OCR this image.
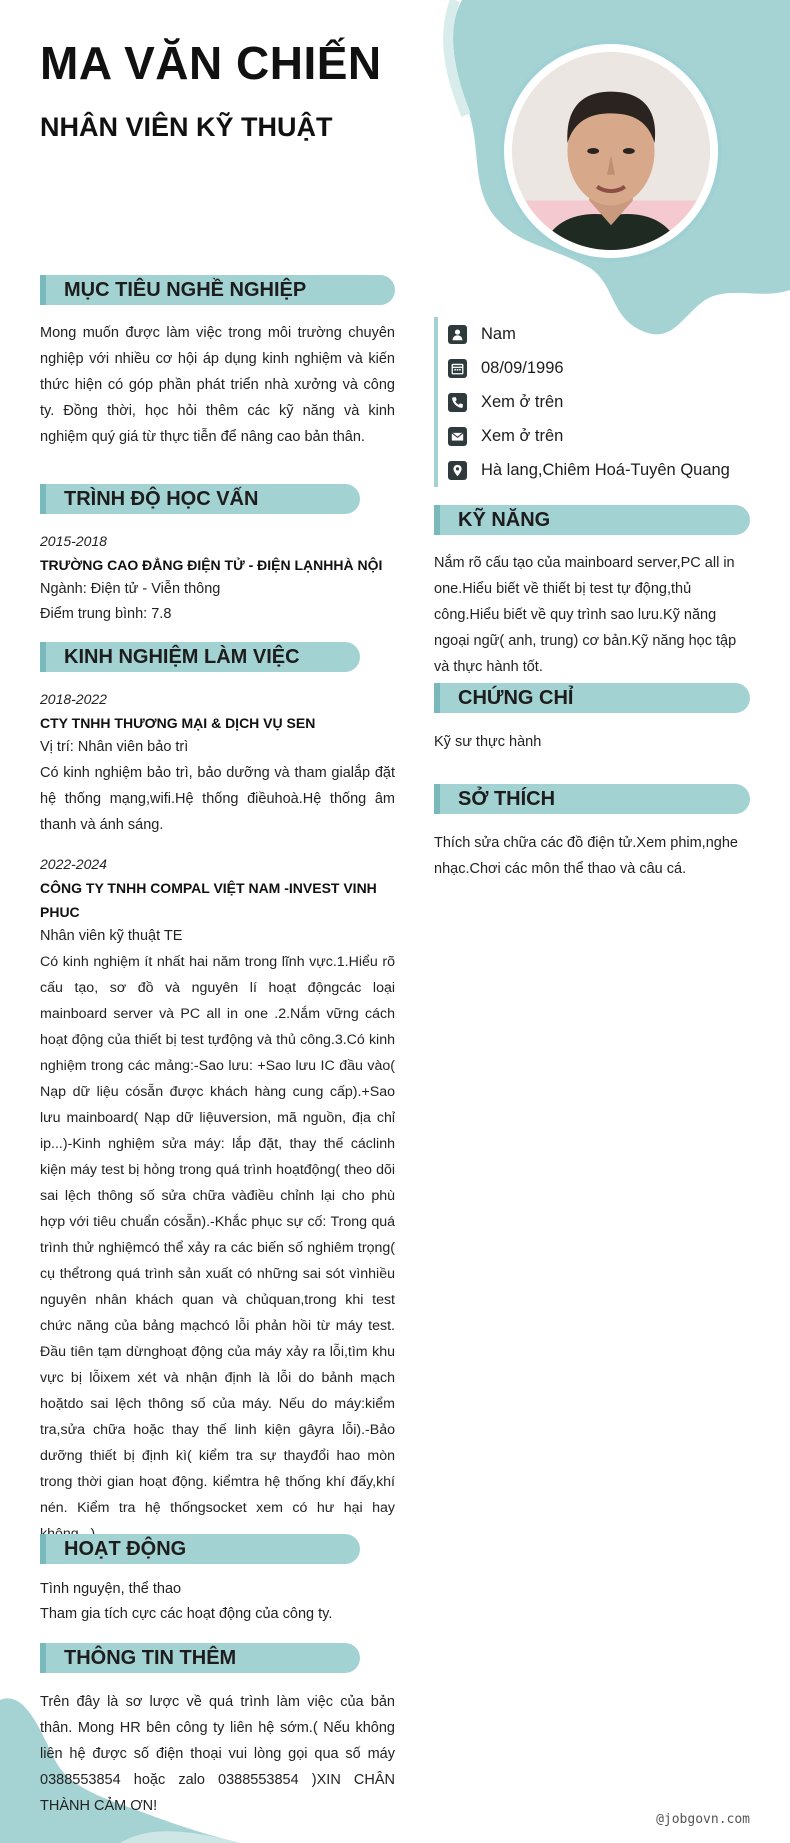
MA VĂN CHIẾN
NHÂN VIÊN KỸ THUẬT
MỤC TIÊU NGHỀ NGHIỆP
Mong muốn được làm việc trong môi trường chuyên nghiệp với nhiều cơ hội áp dụng kinh nghiệm và kiến thức hiện có góp phần phát triển nhà xưởng và công ty. Đồng thời, học hỏi thêm các kỹ năng và kinh nghiệm quý giá từ thực tiễn để nâng cao bản thân.
TRÌNH ĐỘ HỌC VẤN
2015-2018
TRƯỜNG CAO ĐẲNG ĐIỆN TỬ - ĐIỆN LẠNHHÀ NỘI
Ngành: Điện tử - Viễn thông
Điểm trung bình: 7.8
KINH NGHIỆM LÀM VIỆC
2018-2022
CTY TNHH THƯƠNG MẠI & DỊCH VỤ SEN
Vị trí: Nhân viên bảo trì
Có kinh nghiệm bảo trì, bảo dưỡng và tham gialắp đặt hệ thống mạng,wifi.Hệ thống điềuhoà.Hệ thống âm thanh và ánh sáng.
2022-2024
CÔNG TY TNHH COMPAL VIỆT NAM -INVEST VINH PHUC
Nhân viên kỹ thuật TE
Có kinh nghiệm ít nhất hai năm trong lĩnh vực.1.Hiểu rõ cấu tạo, sơ đồ và nguyên lí hoạt độngcác loại mainboard server và PC all in one .2.Nắm vững cách hoạt động của thiết bị test tựđộng và thủ công.3.Có kinh nghiệm trong các mảng:-Sao lưu: +Sao lưu IC đầu vào( Nạp dữ liệu cósẵn được khách hàng cung cấp).+Sao lưu mainboard( Nạp dữ liệuversion, mã nguồn, địa chỉ ip...)-Kinh nghiệm sửa máy: lắp đặt, thay thế cáclinh kiện máy test bị hỏng trong quá trình hoạtđộng( theo dõi sai lệch thông số sửa chữa vàđiều chỉnh lại cho phù hợp với tiêu chuẩn cósẵn).-Khắc phục sự cố: Trong quá trình thử nghiệmcó thể xảy ra các biến số nghiêm trọng( cụ thểtrong quá trình sản xuất có những sai sót vìnhiều nguyên nhân khách quan và chủquan,trong khi test chức năng của bảng mạchcó lỗi phản hồi từ máy test. Đầu tiên tạm dừnghoạt động của máy xảy ra lỗi,tìm khu vực bị lỗixem xét và nhận định là lỗi do bảnh mạch hoặtdo sai lệch thông số của máy. Nếu do máy:kiểm tra,sửa chữa hoặc thay thế linh kiện gâyra lỗi).-Bảo dưỡng thiết bị định kì( kiểm tra sự thayđổi hao mòn trong thời gian hoạt động. kiểmtra hệ thống khí đấy,khí nén. Kiểm tra hệ thốngsocket xem có hư hại hay
HOẠT ĐỘNG
Tình nguyện, thể thao
Tham gia tích cực các hoạt động của công ty.
THÔNG TIN THÊM
Trên đây là sơ lược về quá trình làm việc của bản thân. Mong HR bên công ty liên hệ sớm.( Nếu không liên hệ được số điện thoại vui lòng gọi qua số máy 0388553854 hoặc zalo 0388553854 )XIN CHÂN THÀNH CẢM ƠN!
Nam
08/09/1996
Xem ở trên
Xem ở trên
Hà lang,Chiêm Hoá-Tuyên Quang
KỸ NĂNG
Nắm rõ cấu tạo của mainboard server,PC all in one.Hiểu biết về thiết bị test tự động,thủ công.Hiểu biết về quy trình sao lưu.Kỹ năng ngoại ngữ( anh, trung) cơ bản.Kỹ năng học tập và thực hành tốt.
CHỨNG CHỈ
Kỹ sư thực hành
SỞ THÍCH
Thích sửa chữa các đồ điện tử.Xem phim,nghe nhạc.Chơi các môn thể thao và câu cá.
@jobgovn.com
